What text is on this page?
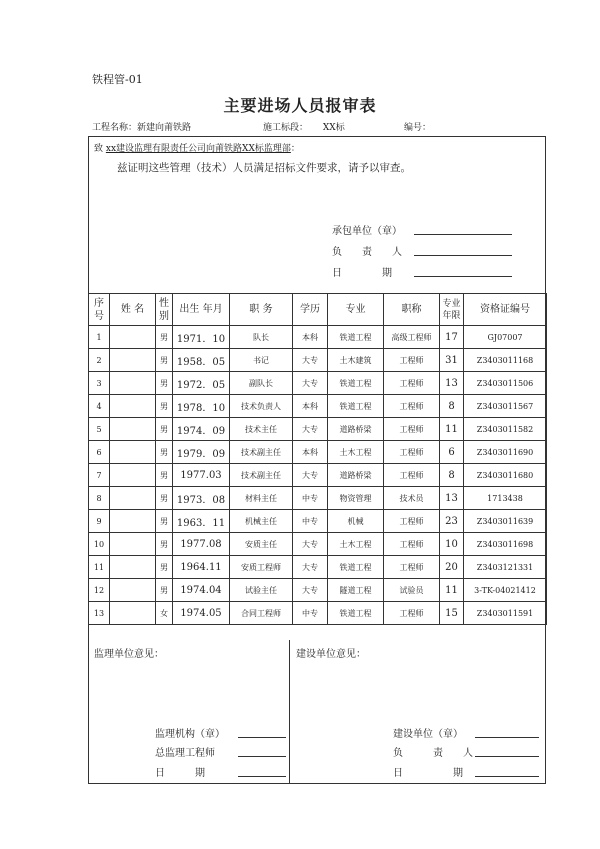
铁程管-01
主要进场人员报审表
工程名称：新建向莆铁路	施工标段： XX标	编号：
致 xx建设监理有限责任公司向莆铁路XX标监理部：
兹证明这些管理（技术）人员满足招标文件要求，请予以审查。
承包单位（章）
负　　责　　人
日　　　　期
序号	姓 名	性别	出生 年月	职 务	学历	专业	职称	专业年限	资格证编号
1		男	1971．10	队长	本科	铁道工程	高级工程师	17	GJ07007
2		男	1958．05	书记	大专	土木建筑	工程师	31	Z3403011168
3		男	1972．05	副队长	大专	铁道工程	工程师	13	Z3403011506
4		男	1978．10	技术负责人	本科	铁道工程	工程师	8	Z3403011567
5		男	1974．09	技术主任	大专	道路桥梁	工程师	11	Z3403011582
6		男	1979．09	技术副主任	本科	土木工程	工程师	6	Z3403011690
7		男	1977.03	技术副主任	大专	道路桥梁	工程师	8	Z3403011680
8		男	1973．08	材料主任	中专	物资管理	技术员	13	1713438
9		男	1963．11	机械主任	中专	机械	工程师	23	Z3403011639
10		男	1977.08	安质主任	大专	土木工程	工程师	10	Z3403011698
11		男	1964.11	安质工程师	大专	铁道工程	工程师	20	Z3403121331
12		男	1974.04	试验主任	大专	隧道工程	试验员	11	3-TK-04021412
13		女	1974.05	合同工程师	中专	铁道工程	工程师	15	Z3403011591
监理单位意见：	建设单位意见：
监理机构（章）
总监理工程师
日　　　期
建设单位（章）
负　　　责　　人
日　　　　　期
